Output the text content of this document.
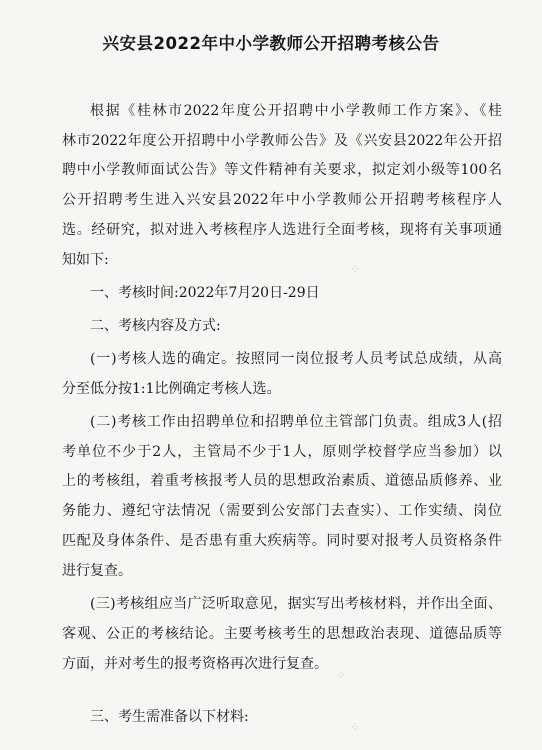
兴安县2022年中小学教师公开招聘考核公告
根据《桂林市2022年度公开招聘中小学教师工作方案》、《桂
林市2022年度公开招聘中小学教师公告》及《兴安县2022年公开招
聘中小学教师面试公告》等文件精神有关要求，拟定刘小级等100名
公开招聘考生进入兴安县2022年中小学教师公开招聘考核程序人
选。经研究，拟对进入考核程序人选进行全面考核，现将有关事项通
知如下:
一、考核时间:2022年7月20日-29日
二、考核内容及方式:
(一)考核人选的确定。按照同一岗位报考人员考试总成绩，从高
分至低分按1:1比例确定考核人选。
(二)考核工作由招聘单位和招聘单位主管部门负责。组成3人(招
考单位不少于2人，主管局不少于1人，原则学校督学应当参加）以
上的考核组，着重考核报考人员的思想政治素质、道德品质修养、业
务能力、遵纪守法情况（需要到公安部门去查实）、工作实绩、岗位
匹配及身体条件、是否患有重大疾病等。同时要对报考人员资格条件
进行复查。
(三)考核组应当广泛听取意见，据实写出考核材料，并作出全面、
客观、公正的考核结论。主要考核考生的思想政治表现、道德品质等
方面，并对考生的报考资格再次进行复查。
三、考生需准备以下材料:
⁘
⁘
⁘
